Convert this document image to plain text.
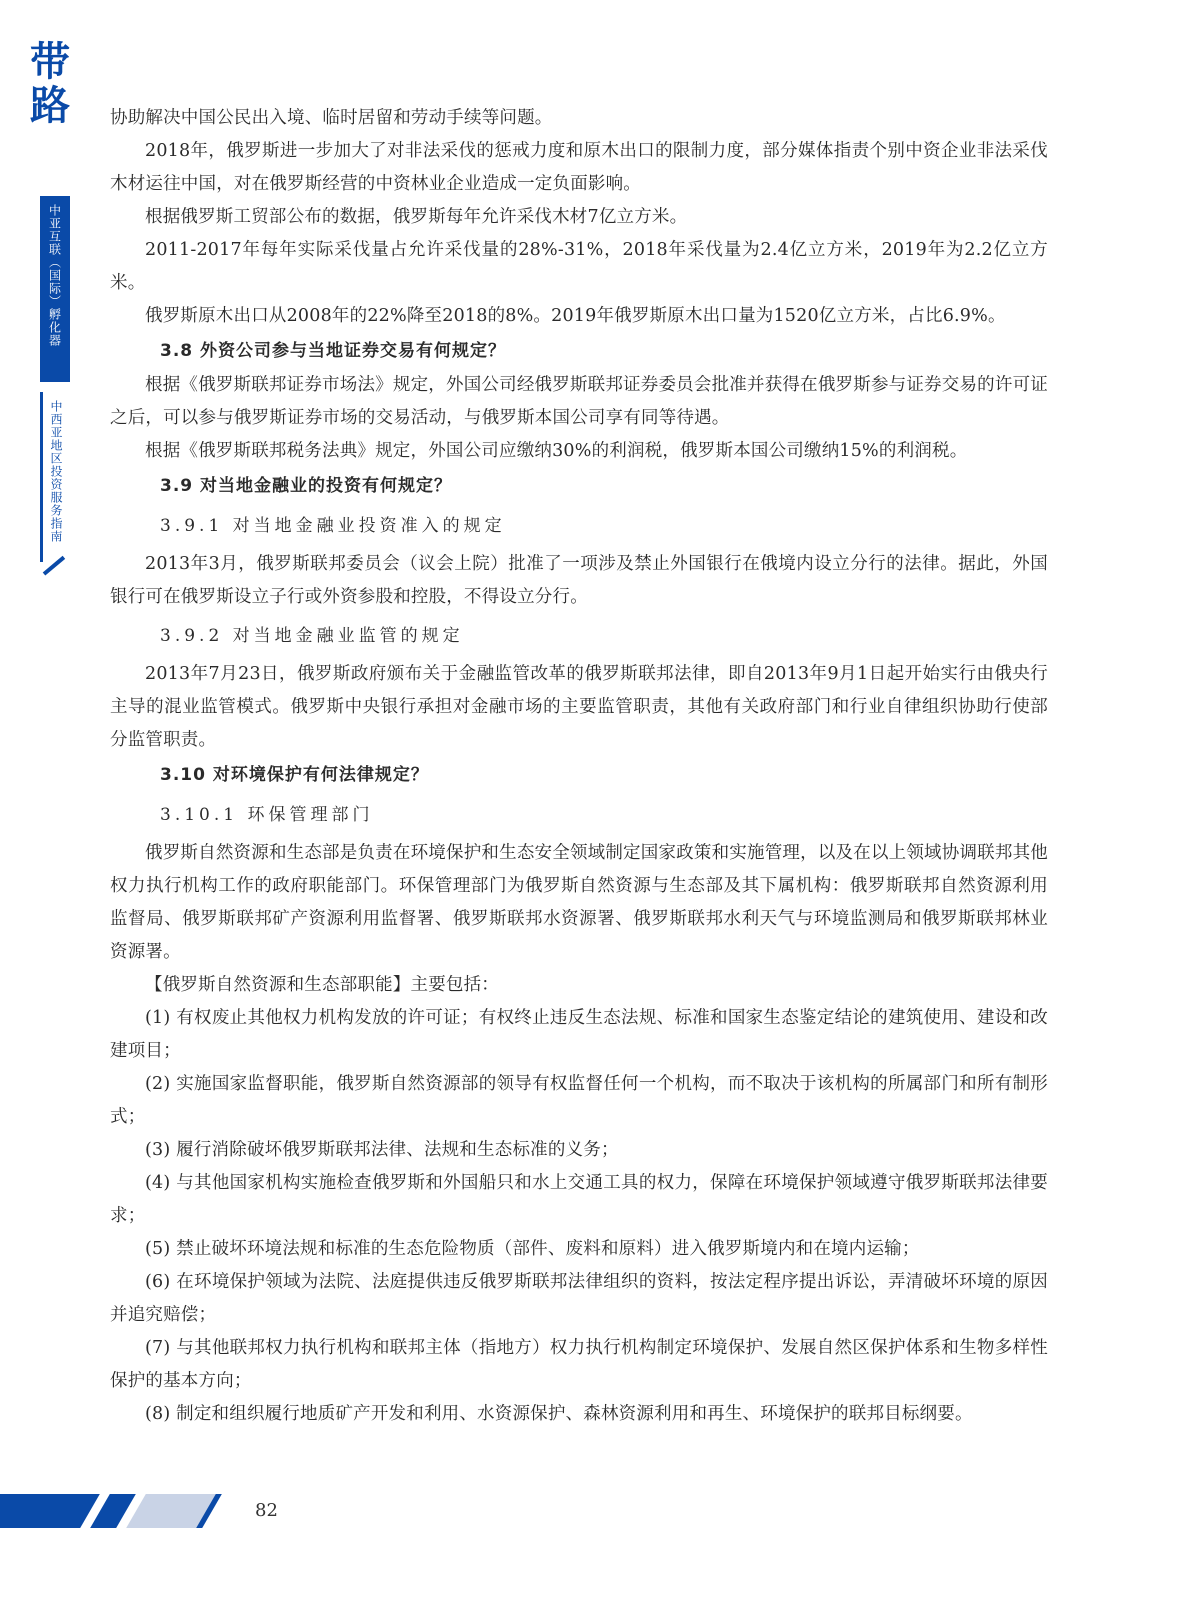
带
路
中亚互联（国际）孵化器
中西亚地区投资服务指南

协助解决中国公民出入境、临时居留和劳动手续等问题。

2018年，俄罗斯进一步加大了对非法采伐的惩戒力度和原木出口的限制力度，部分媒体指责个别中资企业非法采伐木材运往中国，对在俄罗斯经营的中资林业企业造成一定负面影响。

根据俄罗斯工贸部公布的数据，俄罗斯每年允许采伐木材7亿立方米。

2011-2017年每年实际采伐量占允许采伐量的28%-31%，2018年采伐量为2.4亿立方米，2019年为2.2亿立方米。

俄罗斯原木出口从2008年的22%降至2018的8%。2019年俄罗斯原木出口量为1520亿立方米，占比6.9%。

3.8 外资公司参与当地证券交易有何规定？

根据《俄罗斯联邦证券市场法》规定，外国公司经俄罗斯联邦证券委员会批准并获得在俄罗斯参与证券交易的许可证之后，可以参与俄罗斯证券市场的交易活动，与俄罗斯本国公司享有同等待遇。

根据《俄罗斯联邦税务法典》规定，外国公司应缴纳30%的利润税，俄罗斯本国公司缴纳15%的利润税。

3.9 对当地金融业的投资有何规定？
3.9.1 对当地金融业投资准入的规定

2013年3月，俄罗斯联邦委员会（议会上院）批准了一项涉及禁止外国银行在俄境内设立分行的法律。据此，外国银行可在俄罗斯设立子行或外资参股和控股，不得设立分行。

3.9.2 对当地金融业监管的规定

2013年7月23日，俄罗斯政府颁布关于金融监管改革的俄罗斯联邦法律，即自2013年9月1日起开始实行由俄央行主导的混业监管模式。俄罗斯中央银行承担对金融市场的主要监管职责，其他有关政府部门和行业自律组织协助行使部分监管职责。

3.10 对环境保护有何法律规定？
3.10.1 环保管理部门

俄罗斯自然资源和生态部是负责在环境保护和生态安全领域制定国家政策和实施管理，以及在以上领域协调联邦其他权力执行机构工作的政府职能部门。环保管理部门为俄罗斯自然资源与生态部及其下属机构：俄罗斯联邦自然资源利用监督局、俄罗斯联邦矿产资源利用监督署、俄罗斯联邦水资源署、俄罗斯联邦水利天气与环境监测局和俄罗斯联邦林业资源署。

【俄罗斯自然资源和生态部职能】主要包括：

(1) 有权废止其他权力机构发放的许可证；有权终止违反生态法规、标准和国家生态鉴定结论的建筑使用、建设和改建项目；

(2) 实施国家监督职能，俄罗斯自然资源部的领导有权监督任何一个机构，而不取决于该机构的所属部门和所有制形式；

(3) 履行消除破坏俄罗斯联邦法律、法规和生态标准的义务；

(4) 与其他国家机构实施检查俄罗斯和外国船只和水上交通工具的权力，保障在环境保护领域遵守俄罗斯联邦法律要求；

(5) 禁止破坏环境法规和标准的生态危险物质（部件、废料和原料）进入俄罗斯境内和在境内运输；

(6) 在环境保护领域为法院、法庭提供违反俄罗斯联邦法律组织的资料，按法定程序提出诉讼，弄清破坏环境的原因并追究赔偿；

(7) 与其他联邦权力执行机构和联邦主体（指地方）权力执行机构制定环境保护、发展自然区保护体系和生物多样性保护的基本方向；

(8) 制定和组织履行地质矿产开发和利用、水资源保护、森林资源利用和再生、环境保护的联邦目标纲要。

82
